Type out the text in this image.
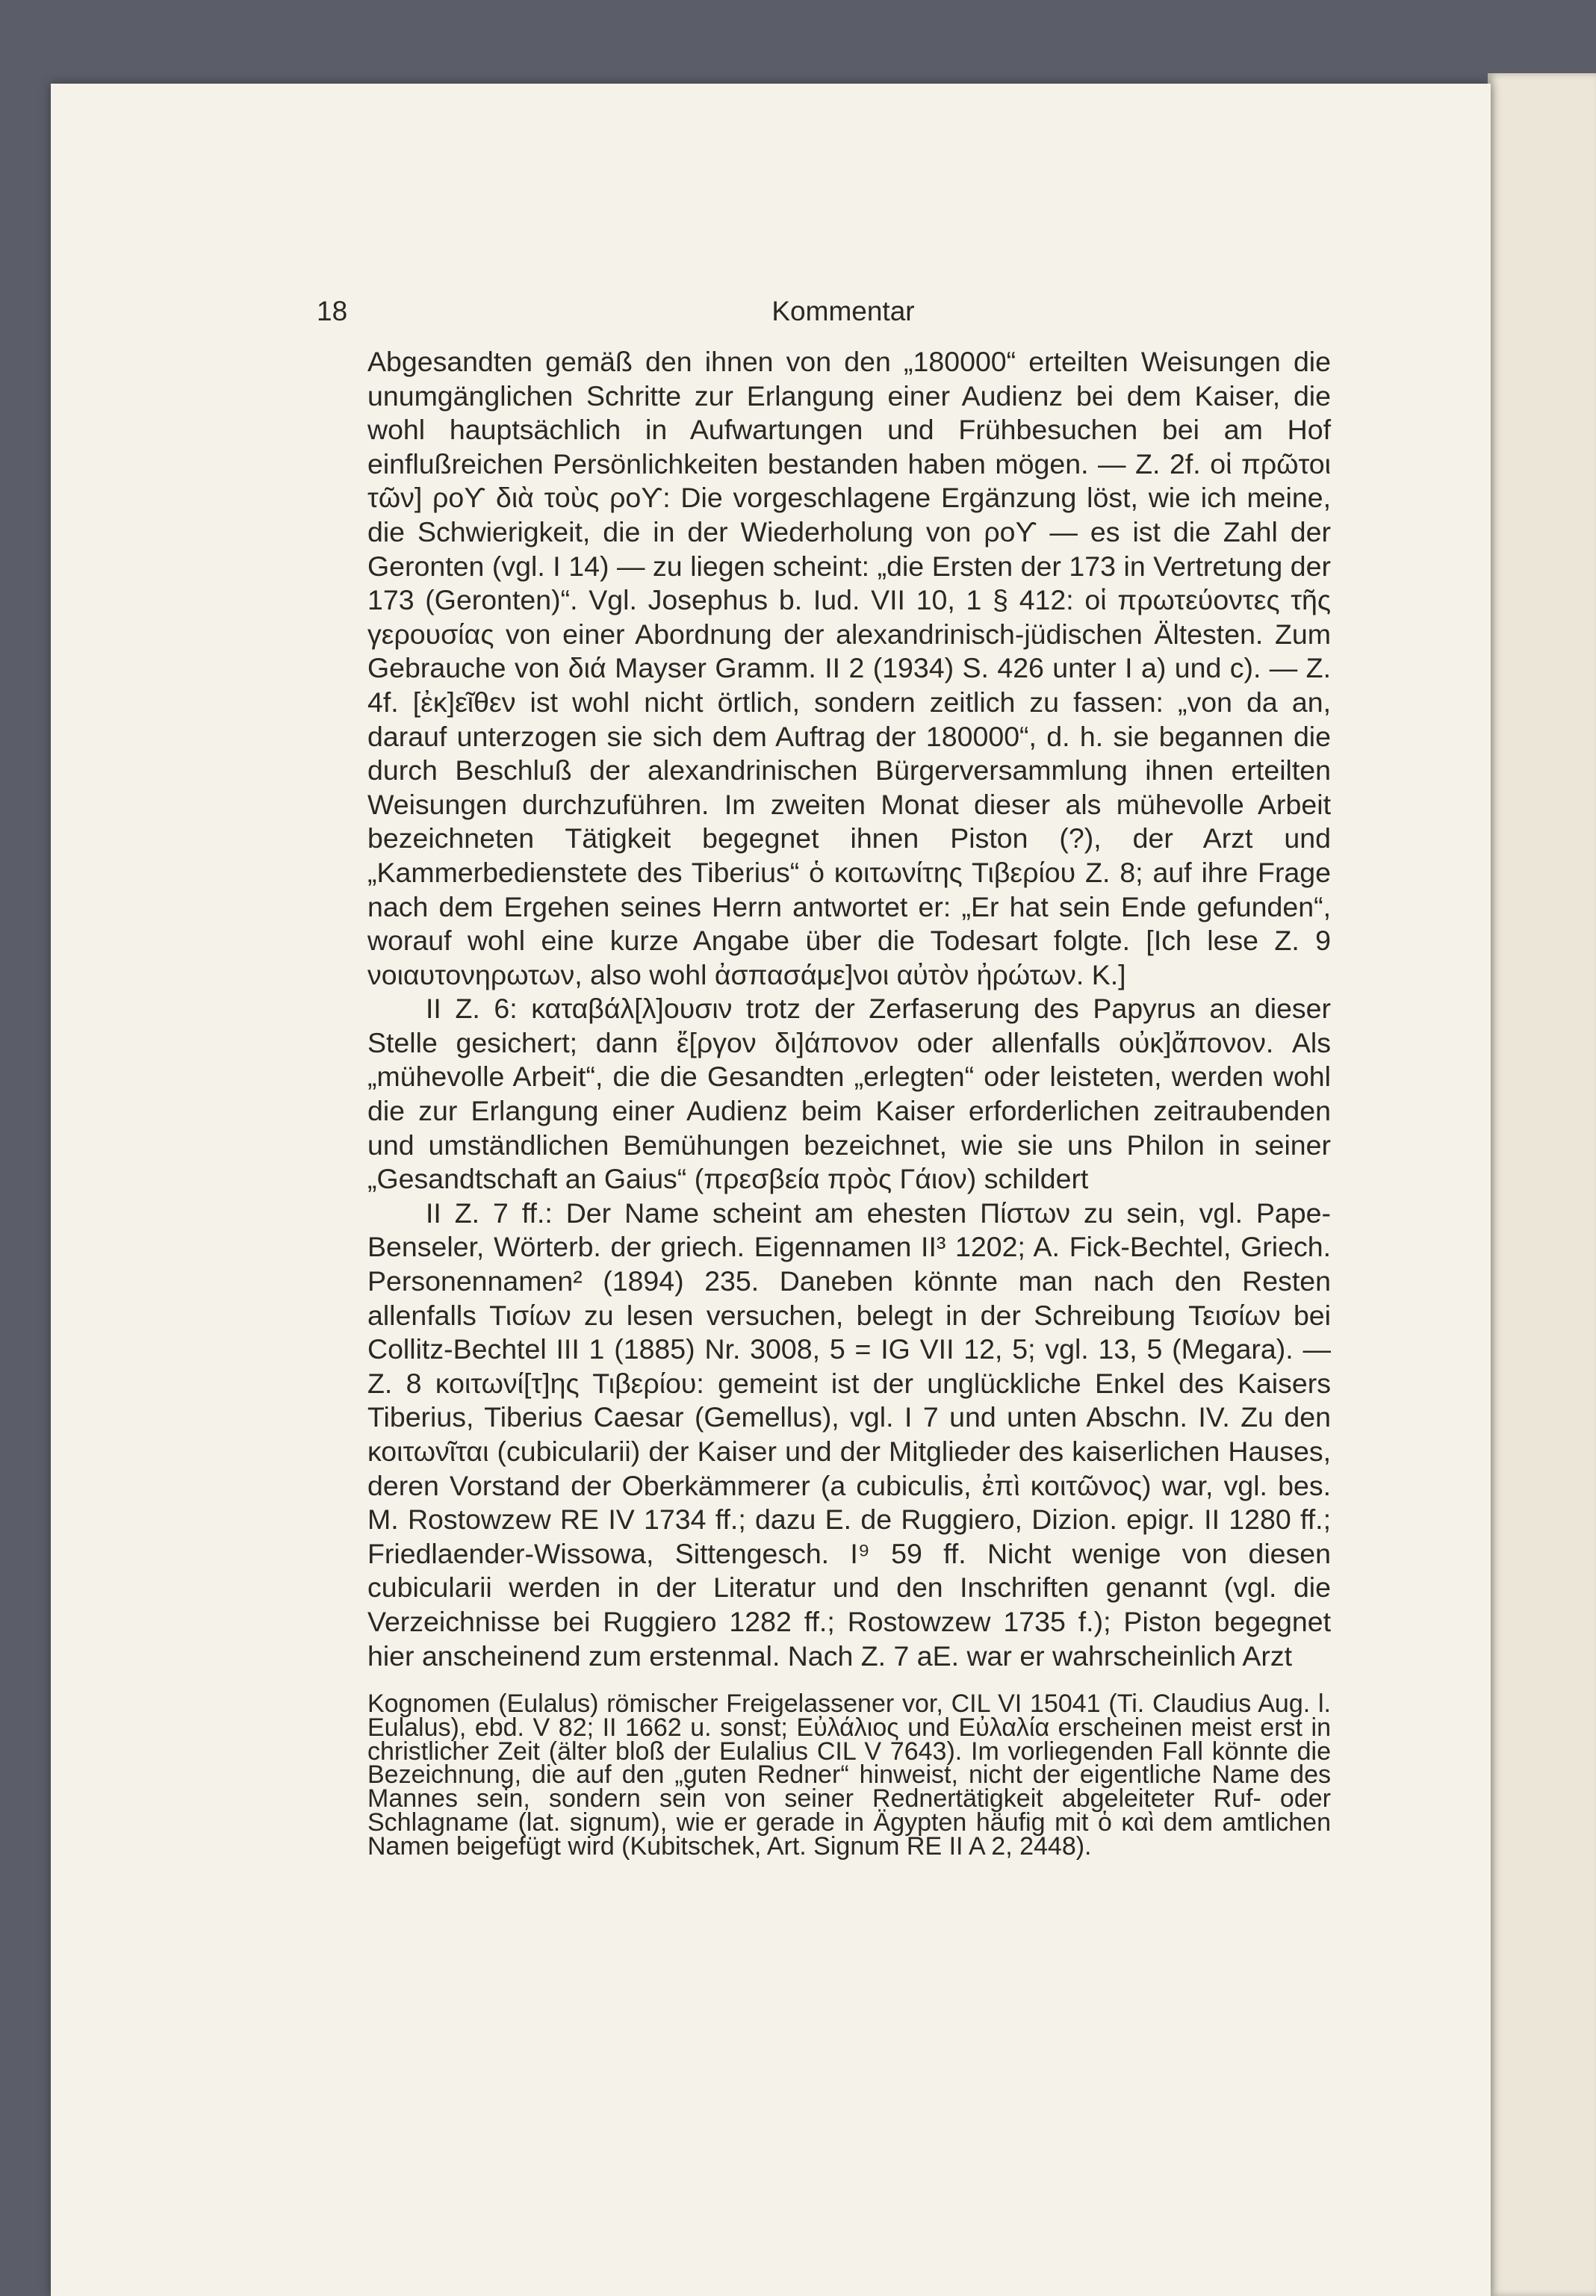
18	Kommentar

Abgesandten gemäß den ihnen von den „180000“ erteilten Weisungen die unumgänglichen Schritte zur Erlangung einer Audienz bei dem Kaiser, die wohl hauptsächlich in Aufwartungen und Frühbesuchen bei am Hof einflußreichen Persönlichkeiten bestanden haben mögen. — Z. 2f. οἱ πρῶτοι τῶν] ροϒ διὰ τοὺς ροϒ: Die vorgeschlagene Ergänzung löst, wie ich meine, die Schwierigkeit, die in der Wiederholung von ροϒ — es ist die Zahl der Geronten (vgl. I 14) — zu liegen scheint: „die Ersten der 173 in Vertretung der 173 (Geronten)“. Vgl. Josephus b. Iud. VII 10, 1 § 412: οἱ πρωτεύοντες τῆς γερουσίας von einer Abordnung der alexandrinisch-jüdischen Ältesten. Zum Gebrauche von διά Mayser Gramm. II 2 (1934) S. 426 unter I a) und c). — Z. 4f. [ἐκ]εῖθεν ist wohl nicht örtlich, sondern zeitlich zu fassen: „von da an, darauf unterzogen sie sich dem Auftrag der 180000“, d. h. sie begannen die durch Beschluß der alexandrinischen Bürgerversammlung ihnen erteilten Weisungen durchzuführen. Im zweiten Monat dieser als mühevolle Arbeit bezeichneten Tätigkeit begegnet ihnen Piston (?), der Arzt und „Kammerbedienstete des Tiberius“ ὁ κοιτωνίτης Τιβερίου Z. 8; auf ihre Frage nach dem Ergehen seines Herrn antwortet er: „Er hat sein Ende gefunden“, worauf wohl eine kurze Angabe über die Todesart folgte. [Ich lese Z. 9 νοιαυτονηρωτων, also wohl ἀσπασάμε]νοι αὐτὸν ἠρώτων. K.]

II Z. 6: καταβάλ[λ]ουσιν trotz der Zerfaserung des Papyrus an dieser Stelle gesichert; dann ἔ[ργον δι]άπονον oder allenfalls οὐκ]ἄπονον. Als „mühevolle Arbeit“, die die Gesandten „erlegten“ oder leisteten, werden wohl die zur Erlangung einer Audienz beim Kaiser erforderlichen zeitraubenden und umständlichen Bemühungen bezeichnet, wie sie uns Philon in seiner „Gesandtschaft an Gaius“ (πρεσβεία πρὸς Γάιον) schildert

II Z. 7 ff.: Der Name scheint am ehesten Πίστων zu sein, vgl. Pape-Benseler, Wörterb. der griech. Eigennamen II³ 1202; A. Fick-Bechtel, Griech. Personennamen² (1894) 235. Daneben könnte man nach den Resten allenfalls Τισίων zu lesen versuchen, belegt in der Schreibung Τεισίων bei Collitz-Bechtel III 1 (1885) Nr. 3008, 5 = IG VII 12, 5; vgl. 13, 5 (Megara). — Z. 8 κοιτωνί[τ]ης Τιβερίου: gemeint ist der unglückliche Enkel des Kaisers Tiberius, Tiberius Caesar (Gemellus), vgl. I 7 und unten Abschn. IV. Zu den κοιτωνῖται (cubicularii) der Kaiser und der Mitglieder des kaiserlichen Hauses, deren Vorstand der Oberkämmerer (a cubiculis, ἐπὶ κοιτῶνος) war, vgl. bes. M. Rostowzew RE IV 1734 ff.; dazu E. de Ruggiero, Dizion. epigr. II 1280 ff.; Friedlaender-Wissowa, Sittengesch. I⁹ 59 ff. Nicht wenige von diesen cubicularii werden in der Literatur und den Inschriften genannt (vgl. die Verzeichnisse bei Ruggiero 1282 ff.; Rostowzew 1735 f.); Piston begegnet hier anscheinend zum erstenmal. Nach Z. 7 aE. war er wahrscheinlich Arzt

Kognomen (Eulalus) römischer Freigelassener vor, CIL VI 15041 (Ti. Claudius Aug. l. Eulalus), ebd. V 82; II 1662 u. sonst; Εὐλάλιος und Εὐλαλία erscheinen meist erst in christlicher Zeit (älter bloß der Eulalius CIL V 7643). Im vorliegenden Fall könnte die Bezeichnung, die auf den „guten Redner“ hinweist, nicht der eigentliche Name des Mannes sein, sondern sein von seiner Rednertätigkeit abgeleiteter Ruf- oder Schlagname (lat. signum), wie er gerade in Ägypten häufig mit ὁ καὶ dem amtlichen Namen beigefügt wird (Kubitschek, Art. Signum RE II A 2, 2448).
